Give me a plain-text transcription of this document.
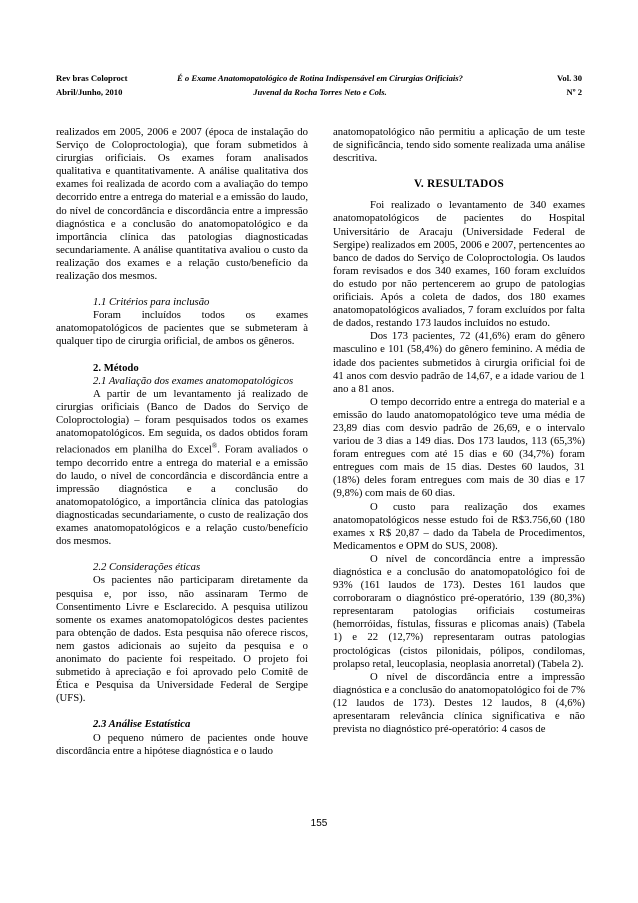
Rev bras Coloproct
Abril/Junho, 2010
É o Exame Anatomopatológico de Rotina Indispensável em Cirurgias Orificiais?
Juvenal da Rocha Torres Neto e Cols.
Vol. 30
Nº 2

realizados em 2005, 2006 e 2007 (época de instalação do Serviço de Coloproctologia), que foram submetidos à cirurgias orificiais. Os exames foram analisados qualitativa e quantitativamente. A análise qualitativa dos exames foi realizada de acordo com a avaliação do tempo decorrido entre a entrega do material e a emissão do laudo, do nível de concordância e discordância entre a impressão diagnóstica e a conclusão do anatomopatológico e da importância clínica das patologias diagnosticadas secundariamente. A análise quantitativa avaliou o custo da realização dos exames e a relação custo/benefício da realização dos mesmos.

1.1 Critérios para inclusão

Foram incluídos todos os exames anatomopatológicos de pacientes que se submeteram à qualquer tipo de cirurgia orificial, de ambos os gêneros.

2. Método

2.1 Avaliação dos exames anatomopatológicos

A partir de um levantamento já realizado de cirurgias orificiais (Banco de Dados do Serviço de Coloproctologia) – foram pesquisados todos os exames anatomopatológicos. Em seguida, os dados obtidos foram relacionados em planilha do Excel®. Foram avaliados o tempo decorrido entre a entrega do material e a emissão do laudo, o nível de concordância e discordância entre a impressão diagnóstica e a conclusão do anatomopatológico, a importância clínica das patologias diagnosticadas secundariamente, o custo de realização dos exames anatomopatológicos e a relação custo/benefício dos mesmos.

2.2 Considerações éticas

Os pacientes não participaram diretamente da pesquisa e, por isso, não assinaram Termo de Consentimento Livre e Esclarecido. A pesquisa utilizou somente os exames anatomopatológicos destes pacientes para obtenção de dados. Esta pesquisa não oferece riscos, nem gastos adicionais ao sujeito da pesquisa e o anonimato do paciente foi respeitado. O projeto foi submetido à apreciação e foi aprovado pelo Comitê de Ética e Pesquisa da Universidade Federal de Sergipe (UFS).

2.3 Análise Estatística

O pequeno número de pacientes onde houve discordância entre a hipótese diagnóstica e o laudo

anatomopatológico não permitiu a aplicação de um teste de significância, tendo sido somente realizada uma análise descritiva.

V. RESULTADOS

Foi realizado o levantamento de 340 exames anatomopatológicos de pacientes do Hospital Universitário de Aracaju (Universidade Federal de Sergipe) realizados em 2005, 2006 e 2007, pertencentes ao banco de dados do Serviço de Coloproctologia. Os laudos foram revisados e dos 340 exames, 160 foram excluídos do estudo por não pertencerem ao grupo de patologias orificiais. Após a coleta de dados, dos 180 exames anatomopatológicos avaliados, 7 foram excluídos por falta de dados, restando 173 laudos incluídos no estudo.

Dos 173 pacientes, 72 (41,6%) eram do gênero masculino e 101 (58,4%) do gênero feminino. A média de idade dos pacientes submetidos à cirurgia orificial foi de 41 anos com desvio padrão de 14,67, e a idade variou de 1 ano a 81 anos.

O tempo decorrido entre a entrega do material e a emissão do laudo anatomopatológico teve uma média de 23,89 dias com desvio padrão de 26,69, e o intervalo variou de 3 dias a 149 dias. Dos 173 laudos, 113 (65,3%) foram entregues com até 15 dias e 60 (34,7%) foram entregues com mais de 15 dias. Destes 60 laudos, 31 (18%) deles foram entregues com mais de 30 dias e 17 (9,8%) com mais de 60 dias.

O custo para realização dos exames anatomopatológicos nesse estudo foi de R$3.756,60 (180 exames x R$ 20,87 – dado da Tabela de Procedimentos, Medicamentos e OPM do SUS, 2008).

O nível de concordância entre a impressão diagnóstica e a conclusão do anatomopatológico foi de 93% (161 laudos de 173). Destes 161 laudos que corroboraram o diagnóstico pré-operatório, 139 (80,3%) representaram patologias orificiais costumeiras (hemorróidas, fístulas, fissuras e plicomas anais) (Tabela 1) e 22 (12,7%) representaram outras patologias proctológicas (cistos pilonidais, pólipos, condilomas, prolapso retal, leucoplasia, neoplasia anorretal) (Tabela 2).

O nível de discordância entre a impressão diagnóstica e a conclusão do anatomopatológico foi de 7% (12 laudos de 173). Destes 12 laudos, 8 (4,6%) apresentaram relevância clínica significativa e não prevista no diagnóstico pré-operatório: 4 casos de

155
